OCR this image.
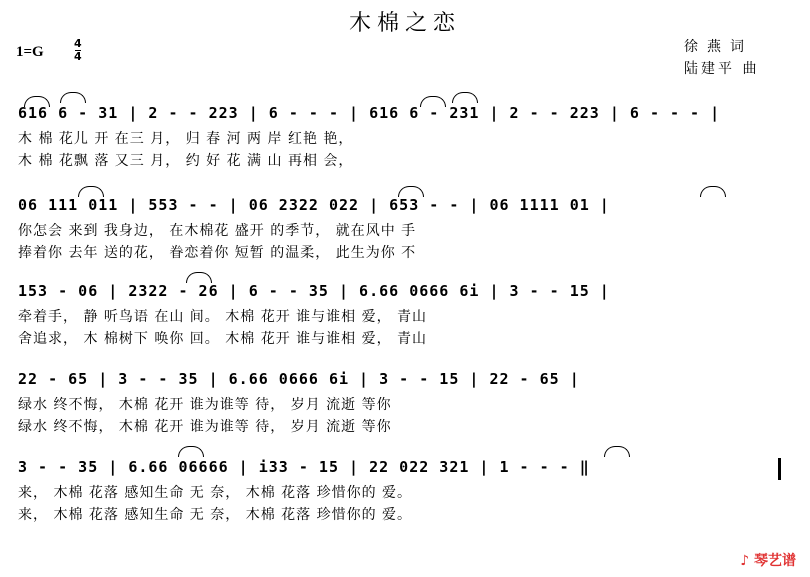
木棉之恋
1=G
4
4
徐燕词
陆建平 曲
616 6 - 31 | 2 - - 223 | 6 - - - | 616 6 - 231 | 2 - - 223 | 6 - - - |
木 棉 花儿 开 在三 月， 归 春 河 两 岸 红艳 艳，
木 棉 花飘 落 又三 月， 约 好 花 满 山 再相 会，
06 111 011 | 553 - - | 06 2322 022 | 653 - - | 06 1111 01 |
你怎会 来到 我身边， 在木棉花 盛开 的季节， 就在风中 手
捧着你 去年 送的花， 眷恋着你 短暂 的温柔， 此生为你 不
153 - 06 | 2322 - 26 | 6 - - 35 | 6.66 0666 6i | 3 - - 15 |
牵着手， 静 听鸟语 在山 间。 木棉 花开 谁与谁相 爱， 青山
舍追求， 木 棉树下 唤你 回。 木棉 花开 谁与谁相 爱， 青山
22 - 65 | 3 - - 35 | 6.66 0666 6i | 3 - - 15 | 22 - 65 |
绿水 终不悔， 木棉 花开 谁为谁等 待， 岁月 流逝 等你
绿水 终不悔， 木棉 花开 谁为谁等 待， 岁月 流逝 等你
3 - - 35 | 6.66 06666 | i33 - 15 | 22 022 321 | 1 - - - ‖
来， 木棉 花落 感知生命 无 奈， 木棉 花落 珍惜你的 爱。
来， 木棉 花落 感知生命 无 奈， 木棉 花落 珍惜你的 爱。
♪ 琴艺谱
